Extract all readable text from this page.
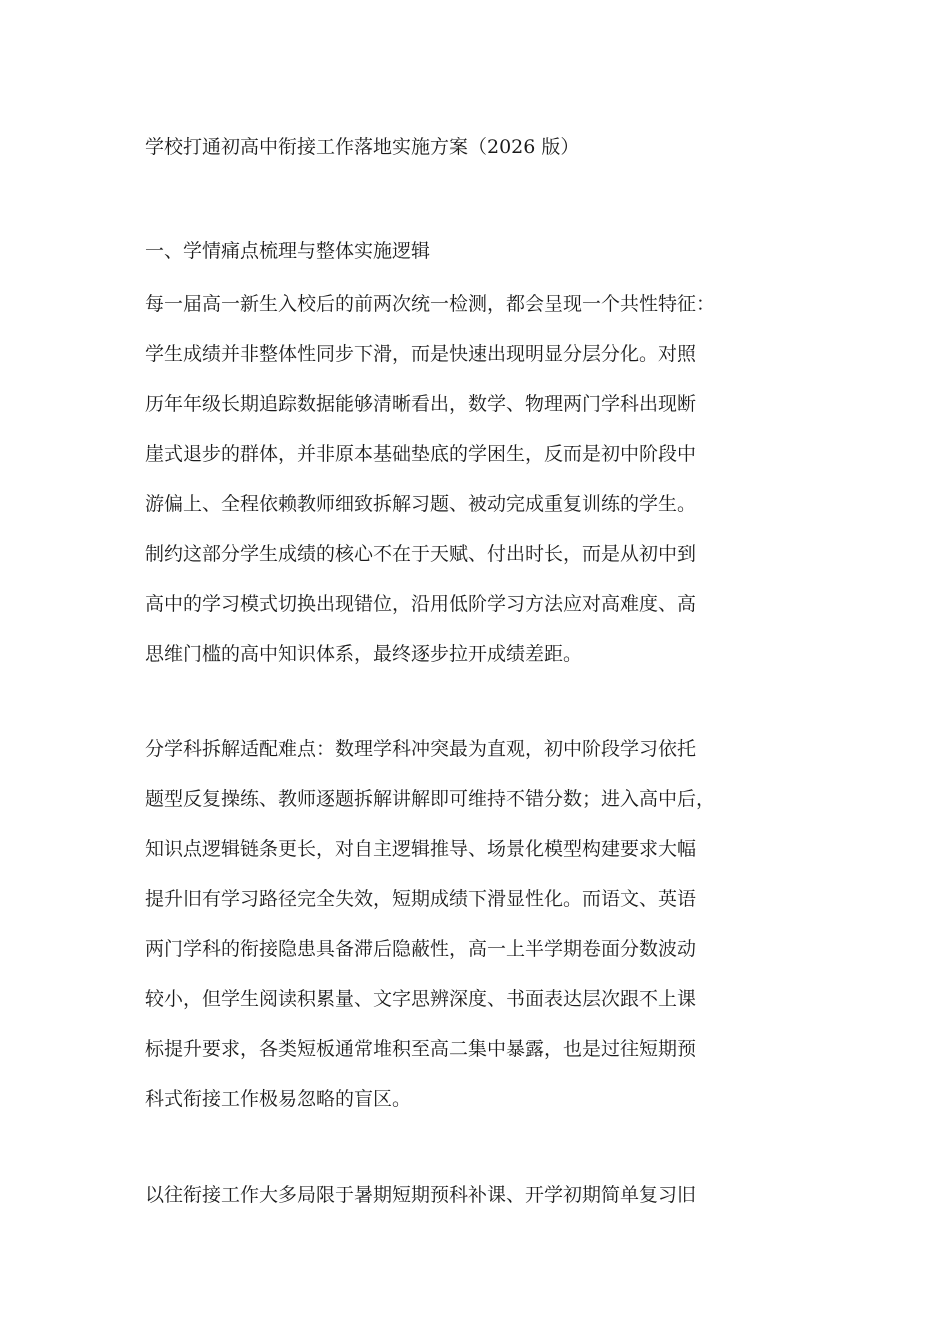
学校打通初高中衔接工作落地实施方案（2026 版）
一、学情痛点梳理与整体实施逻辑
每一届高一新生入校后的前两次统一检测，都会呈现一个共性特征：
学生成绩并非整体性同步下滑，而是快速出现明显分层分化。对照
历年年级长期追踪数据能够清晰看出，数学、物理两门学科出现断
崖式退步的群体，并非原本基础垫底的学困生，反而是初中阶段中
游偏上、全程依赖教师细致拆解习题、被动完成重复训练的学生。
制约这部分学生成绩的核心不在于天赋、付出时长，而是从初中到
高中的学习模式切换出现错位，沿用低阶学习方法应对高难度、高
思维门槛的高中知识体系，最终逐步拉开成绩差距。
分学科拆解适配难点：数理学科冲突最为直观，初中阶段学习依托
题型反复操练、教师逐题拆解讲解即可维持不错分数；进入高中后，
知识点逻辑链条更长，对自主逻辑推导、场景化模型构建要求大幅
提升旧有学习路径完全失效，短期成绩下滑显性化。而语文、英语
两门学科的衔接隐患具备滞后隐蔽性，高一上半学期卷面分数波动
较小，但学生阅读积累量、文字思辨深度、书面表达层次跟不上课
标提升要求，各类短板通常堆积至高二集中暴露，也是过往短期预
科式衔接工作极易忽略的盲区。
以往衔接工作大多局限于暑期短期预科补课、开学初期简单复习旧
